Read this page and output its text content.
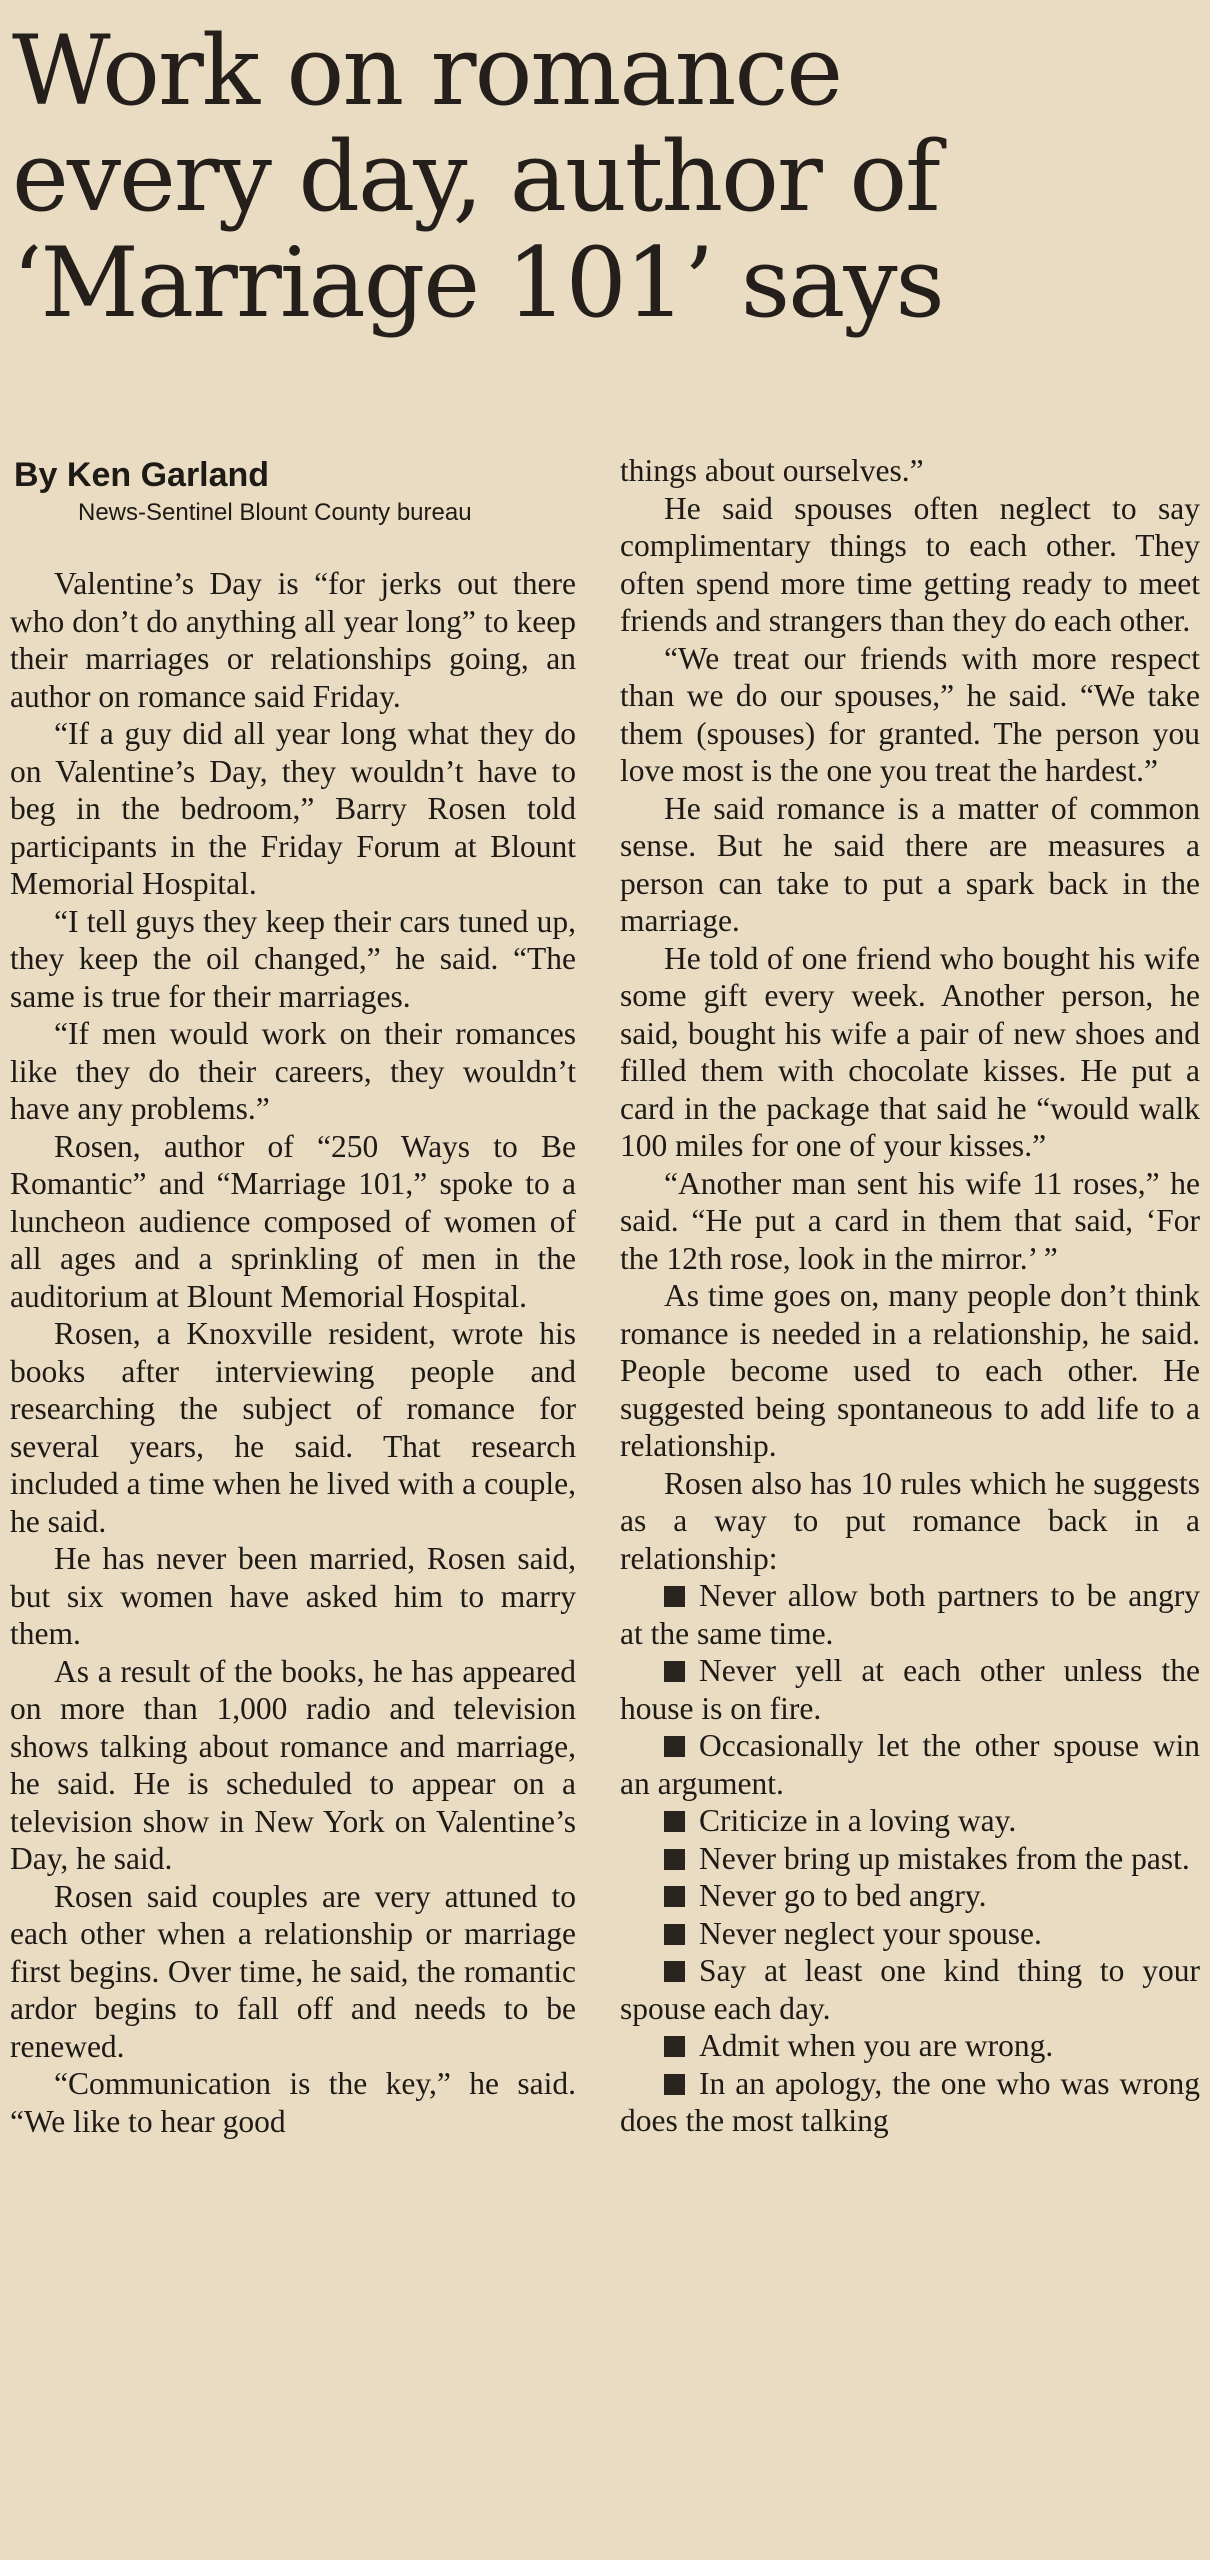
Work on romance
every day, author of
‘Marriage 101’ says
By Ken Garland
News-Sentinel Blount County bureau

Valentine’s Day is “for jerks out there who don’t do anything all year long” to keep their marriages or relationships going, an author on romance said Friday.

“If a guy did all year long what they do on Valentine’s Day, they wouldn’t have to beg in the bedroom,” Barry Rosen told participants in the Friday Forum at Blount Memorial Hospital.

“I tell guys they keep their cars tuned up, they keep the oil changed,” he said. “The same is true for their marriages.

“If men would work on their romances like they do their careers, they wouldn’t have any problems.”

Rosen, author of “250 Ways to Be Romantic” and “Marriage 101,” spoke to a luncheon audience composed of women of all ages and a sprinkling of men in the auditorium at Blount Memorial Hospital.

Rosen, a Knoxville resident, wrote his books after interviewing people and researching the subject of romance for several years, he said. That research included a time when he lived with a couple, he said.

He has never been married, Rosen said, but six women have asked him to marry them.

As a result of the books, he has appeared on more than 1,000 radio and television shows talking about romance and marriage, he said. He is scheduled to appear on a television show in New York on Valentine’s Day, he said.

Rosen said couples are very attuned to each other when a relationship or marriage first begins. Over time, he said, the romantic ardor begins to fall off and needs to be renewed.

“Communication is the key,” he said. “We like to hear good

things about ourselves.”

He said spouses often neglect to say complimentary things to each other. They often spend more time getting ready to meet friends and strangers than they do each other.

“We treat our friends with more respect than we do our spouses,” he said. “We take them (spouses) for granted. The person you love most is the one you treat the hardest.”

He said romance is a matter of common sense. But he said there are measures a person can take to put a spark back in the marriage.

He told of one friend who bought his wife some gift every week. Another person, he said, bought his wife a pair of new shoes and filled them with chocolate kisses. He put a card in the package that said he “would walk 100 miles for one of your kisses.”

“Another man sent his wife 11 roses,” he said. “He put a card in them that said, ‘For the 12th rose, look in the mirror.’ ”

As time goes on, many people don’t think romance is needed in a relationship, he said. People become used to each other. He suggested being spontaneous to add life to a relationship.

Rosen also has 10 rules which he suggests as a way to put romance back in a relationship:

Never allow both partners to be angry at the same time.

Never yell at each other unless the house is on fire.

Occasionally let the other spouse win an argument.

Criticize in a loving way.

Never bring up mistakes from the past.

Never go to bed angry.

Never neglect your spouse.

Say at least one kind thing to your spouse each day.

Admit when you are wrong.

In an apology, the one who was wrong does the most talking
